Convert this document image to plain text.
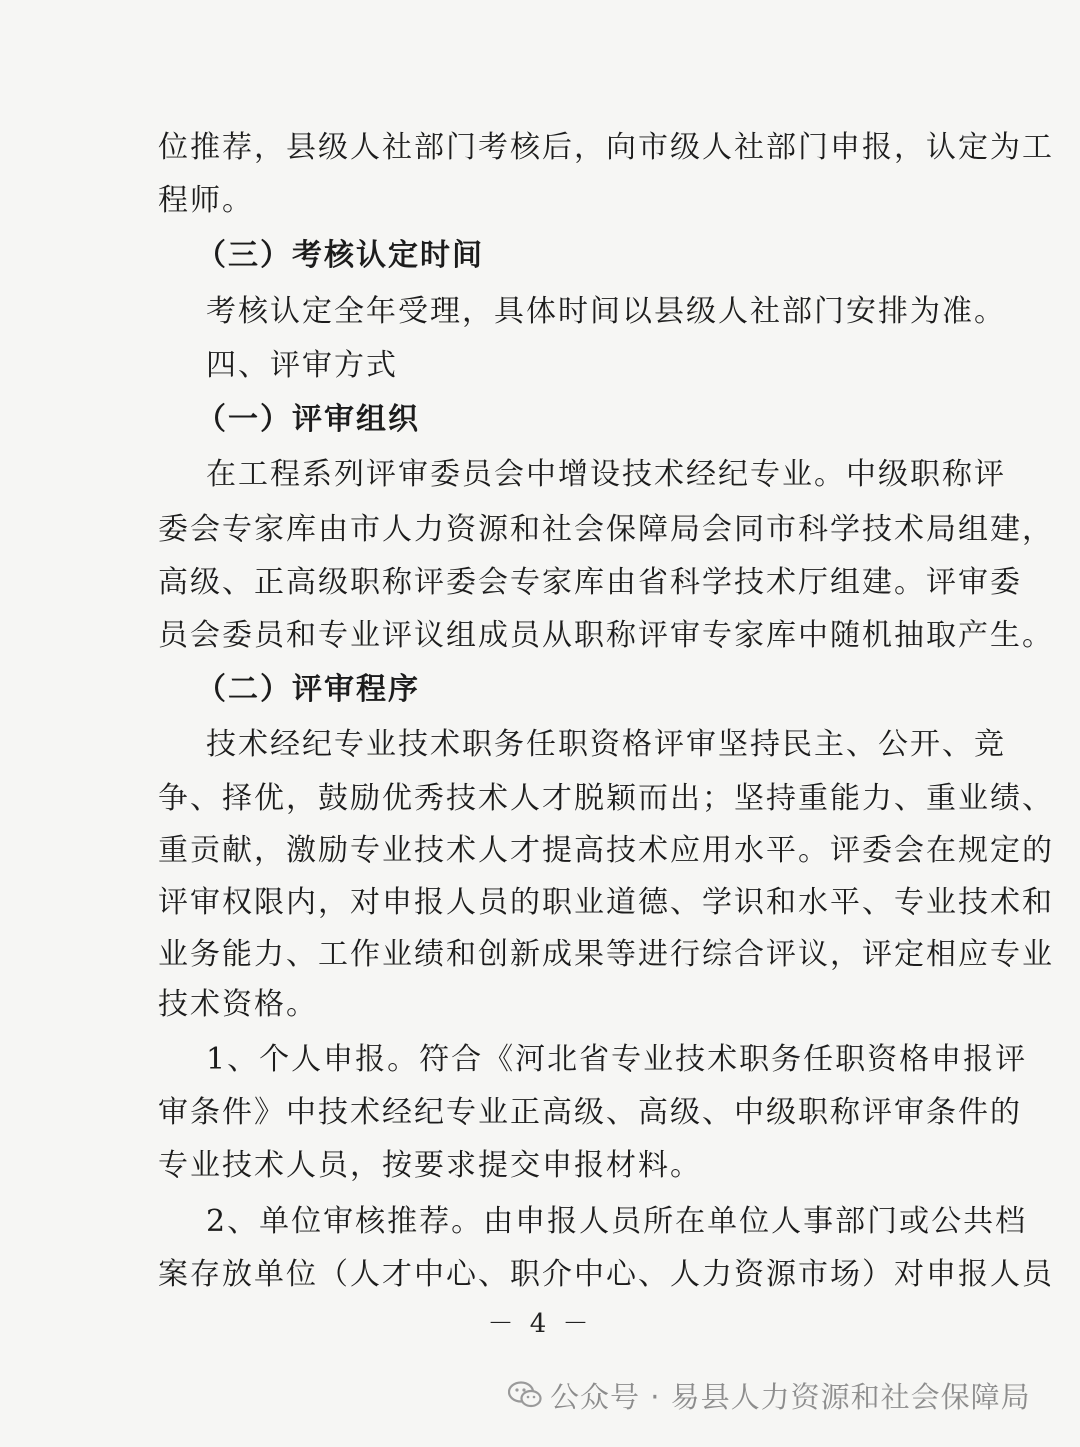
位推荐，县级人社部门考核后，向市级人社部门申报，认定为工
程师。
（三）考核认定时间
考核认定全年受理，具体时间以县级人社部门安排为准。
四、评审方式
（一）评审组织
在工程系列评审委员会中增设技术经纪专业。中级职称评
委会专家库由市人力资源和社会保障局会同市科学技术局组建，
高级、正高级职称评委会专家库由省科学技术厅组建。评审委
员会委员和专业评议组成员从职称评审专家库中随机抽取产生。
（二）评审程序
技术经纪专业技术职务任职资格评审坚持民主、公开、竞
争、择优，鼓励优秀技术人才脱颖而出；坚持重能力、重业绩、
重贡献，激励专业技术人才提高技术应用水平。评委会在规定的
评审权限内，对申报人员的职业道德、学识和水平、专业技术和
业务能力、工作业绩和创新成果等进行综合评议，评定相应专业
技术资格。
1、个人申报。符合《河北省专业技术职务任职资格申报评
审条件》中技术经纪专业正高级、高级、中级职称评审条件的
专业技术人员，按要求提交申报材料。
2、单位审核推荐。由申报人员所在单位人事部门或公共档
案存放单位（人才中心、职介中心、人力资源市场）对申报人员
－ 4 －
公众号 · 易县人力资源和社会保障局
